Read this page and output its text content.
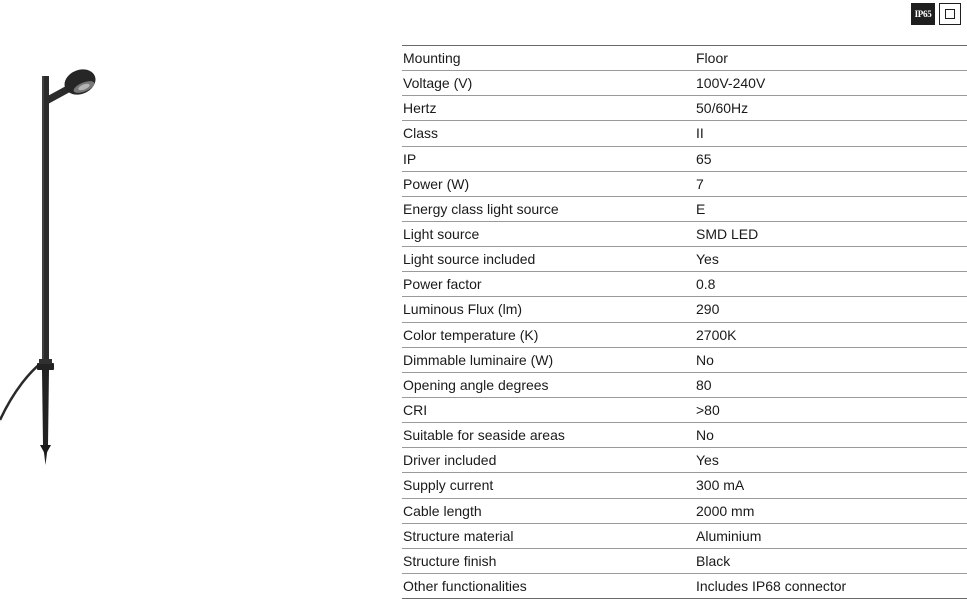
IP65
Mounting	Floor
Voltage (V)	100V-240V
Hertz	50/60Hz
Class	II
IP	65
Power (W)	7
Energy class light source	E
Light source	SMD LED
Light source included	Yes
Power factor	0.8
Luminous Flux (lm)	290
Color temperature (K)	2700K
Dimmable luminaire (W)	No
Opening angle degrees	80
CRI	>80
Suitable for seaside areas	No
Driver included	Yes
Supply current	300 mA
Cable length	2000 mm
Structure material	Aluminium
Structure finish	Black
Other functionalities	Includes IP68 connector
